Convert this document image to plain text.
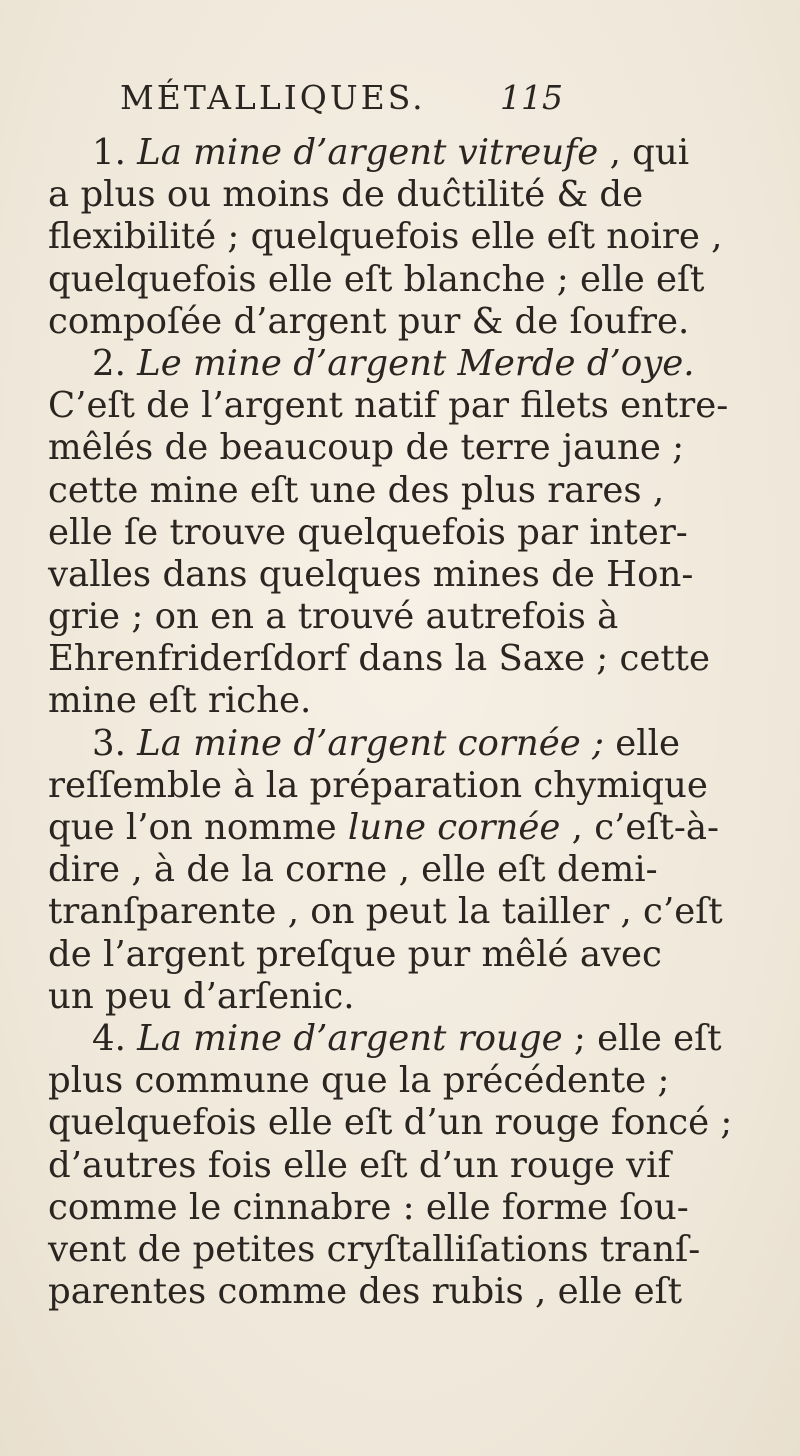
MÉTALLIQUES. 115
1. La mine d’argent vitreufe , qui
a plus ou moins de duĉtilité & de
flexibilité ; quelquefois elle eſt noire ,
quelquefois elle eſt blanche ; elle eſt
compoſée d’argent pur & de ſoufre.
2. Le mine d’argent Merde d’oye.
C’eſt de l’argent natif par filets entre-
mêlés de beaucoup de terre jaune ;
cette mine eſt une des plus rares ,
elle ſe trouve quelquefois par inter-
valles dans quelques mines de Hon-
grie ; on en a trouvé autrefois à
Ehrenfriderſdorf dans la Saxe ; cette
mine eſt riche.
3. La mine d’argent cornée ; elle
reſſemble à la préparation chymique
que l’on nomme lune cornée , c’eſt-à-
dire , à de la corne , elle eſt demi-
tranſparente , on peut la tailler , c’eſt
de l’argent preſque pur mêlé avec
un peu d’arſenic.
4. La mine d’argent rouge ; elle eſt
plus commune que la précédente ;
quelquefois elle eſt d’un rouge foncé ;
d’autres fois elle eſt d’un rouge vif
comme le cinnabre : elle forme ſou-
vent de petites cryſtalliſations tranſ-
parentes comme des rubis , elle eſt
